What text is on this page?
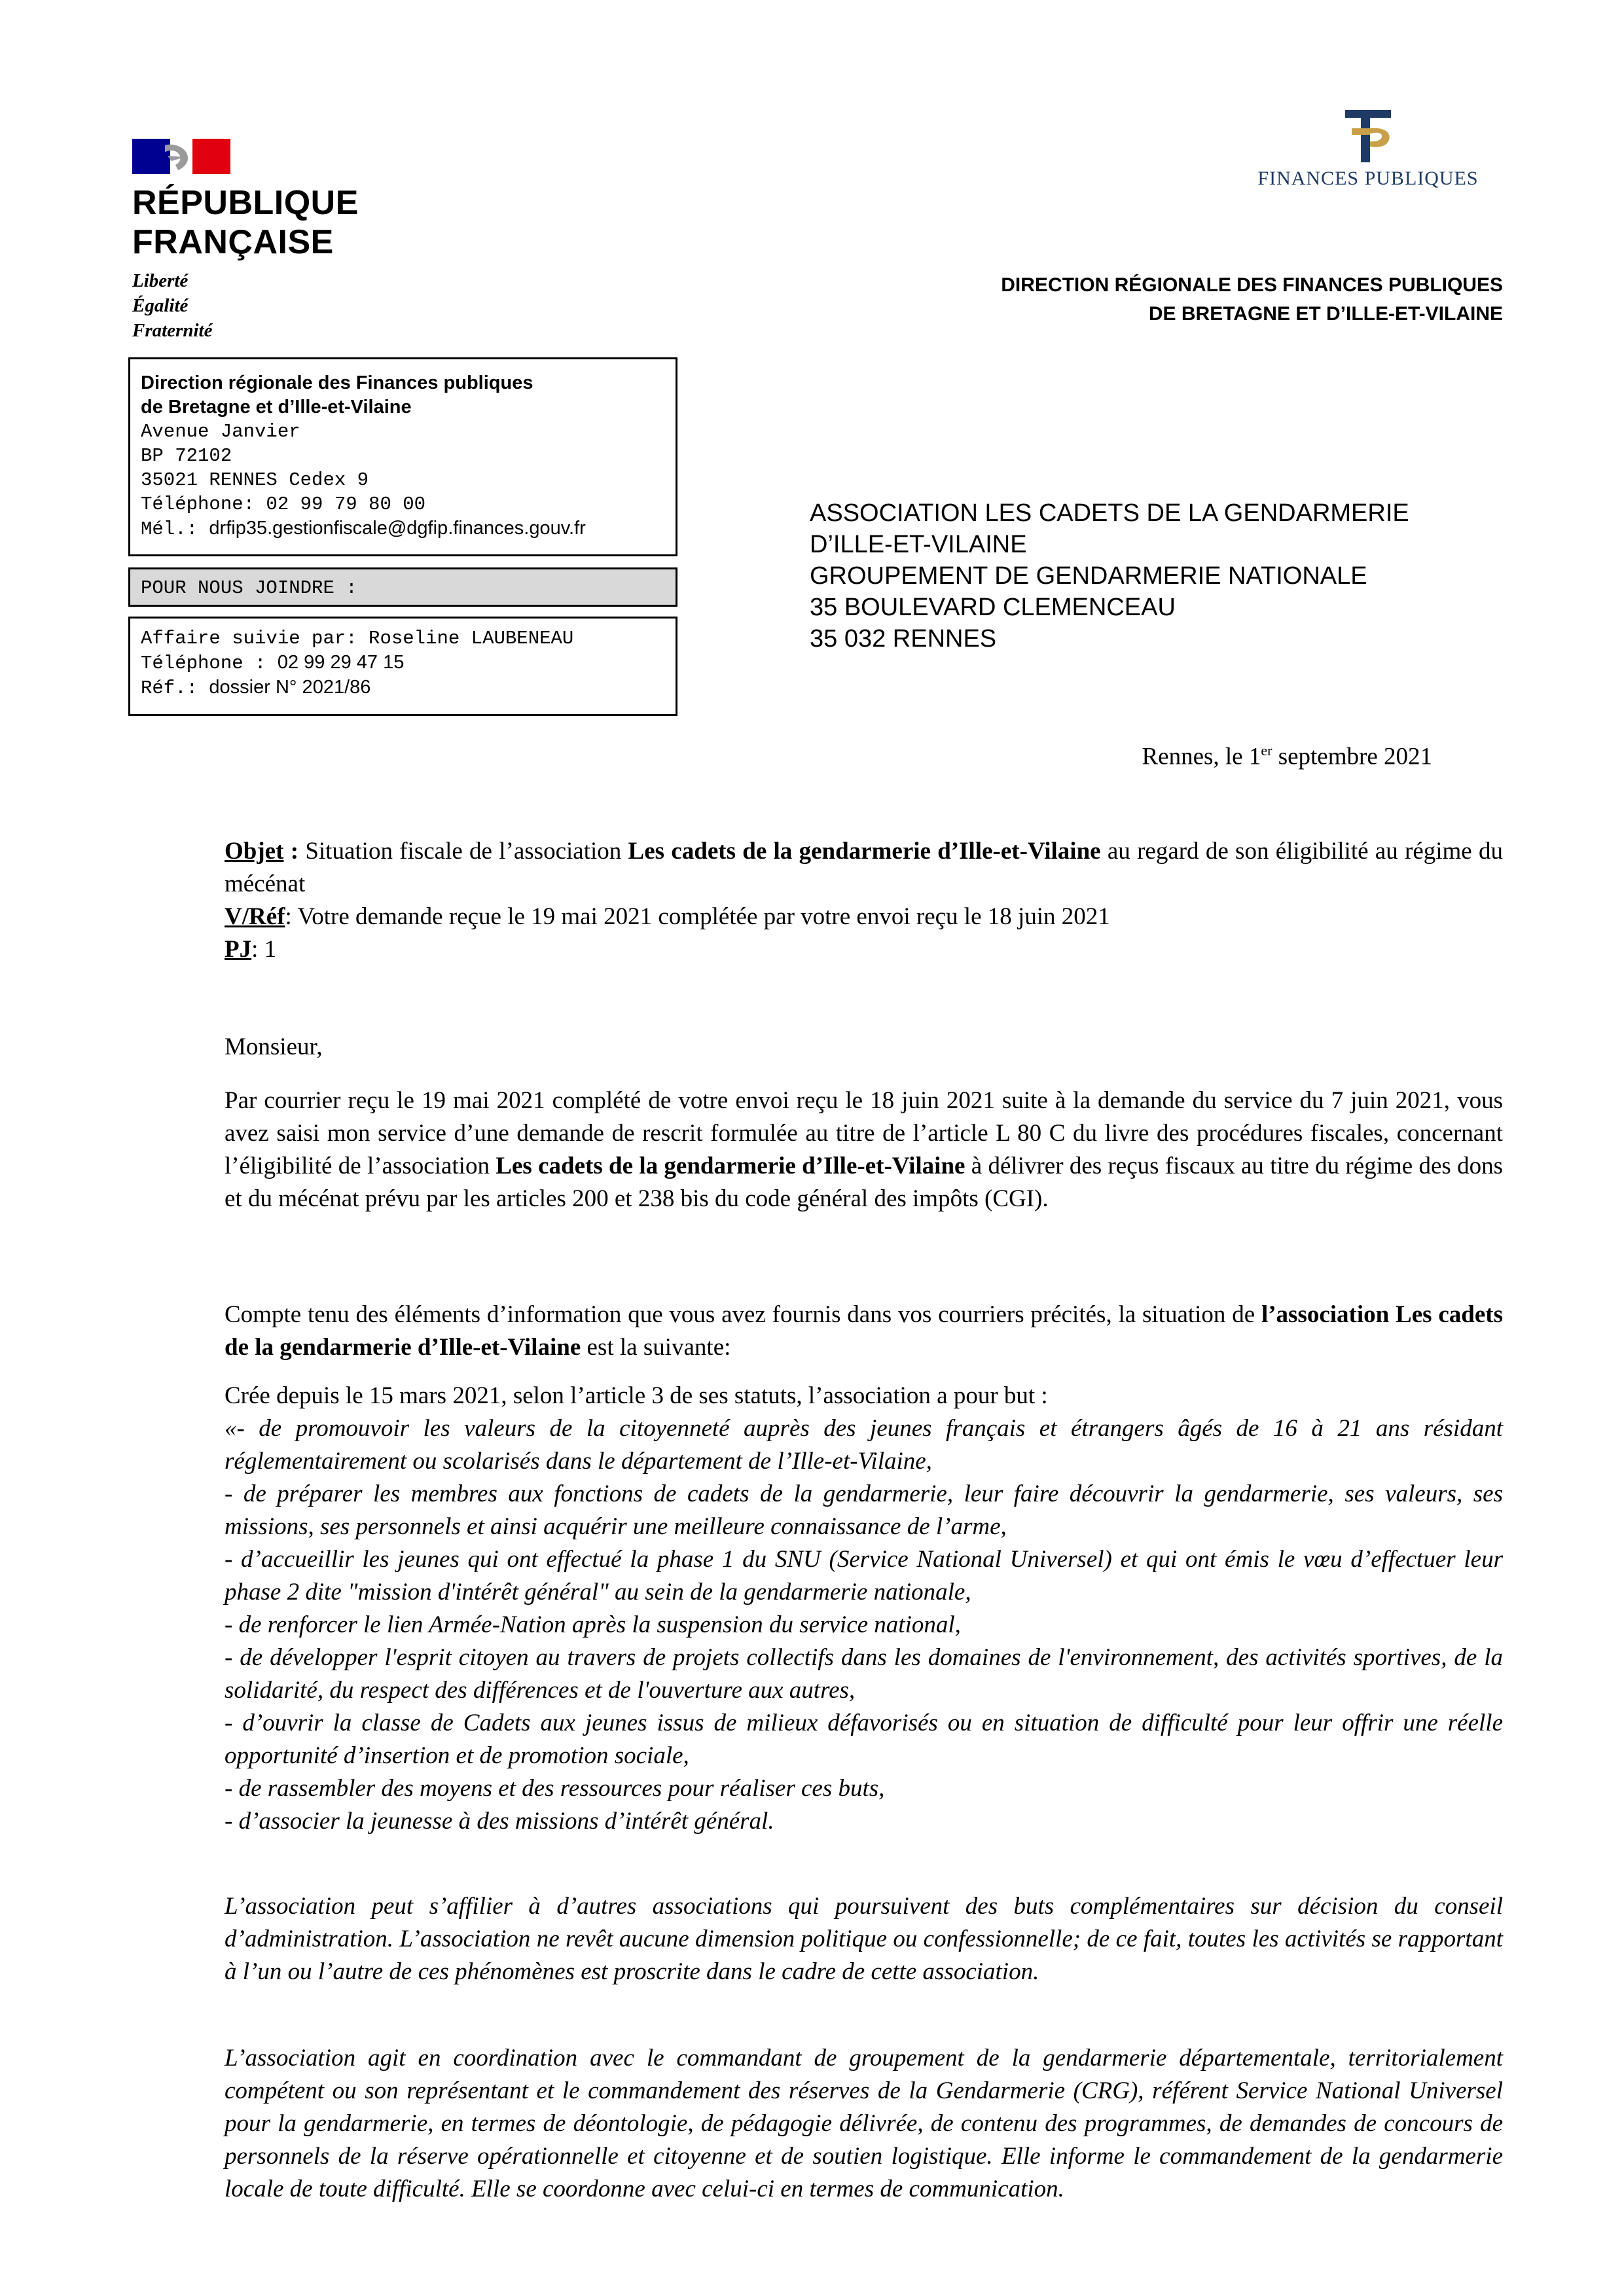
RÉPUBLIQUE
FRANÇAISE
Liberté
Égalité
Fraternité
FINANCES PUBLIQUES
DIRECTION RÉGIONALE DES FINANCES PUBLIQUES
DE BRETAGNE ET D’ILLE-ET-VILAINE
Direction régionale des Finances publiques
de Bretagne et d’Ille-et-Vilaine
Avenue Janvier
BP 72102
35021 RENNES Cedex 9
Téléphone: 02 99 79 80 00
Mél.: drfip35.gestionfiscale@dgfip.finances.gouv.fr
POUR NOUS JOINDRE :
Affaire suivie par: Roseline LAUBENEAU
Téléphone : 02 99 29 47 15
Réf.: dossier N° 2021/86
ASSOCIATION LES CADETS DE LA GENDARMERIE
D’ILLE-ET-VILAINE
GROUPEMENT DE GENDARMERIE NATIONALE
35 BOULEVARD CLEMENCEAU
35 032 RENNES
Rennes, le 1er septembre 2021

Objet : Situation fiscale de l’association Les cadets de la gendarmerie d’Ille-et-Vilaine au regard de son éligibilité au régime du mécénat

V/Réf: Votre demande reçue le 19 mai 2021 complétée par votre envoi reçu le 18 juin 2021

PJ: 1

Monsieur,
Par courrier reçu le 19 mai 2021 complété de votre envoi reçu le 18 juin 2021 suite à la demande du service du 7 juin 2021, vous avez saisi mon service d’une demande de rescrit formulée au titre de l’article L 80 C du livre des procédures fiscales, concernant l’éligibilité de l’association Les cadets de la gendarmerie d’Ille-et-Vilaine à délivrer des reçus fiscaux au titre du régime des dons et du mécénat prévu par les articles 200 et 238 bis du code général des impôts (CGI).
Compte tenu des éléments d’information que vous avez fournis dans vos courriers précités, la situation de l’association Les cadets de la gendarmerie d’Ille-et-Vilaine est la suivante:
Crée depuis le 15 mars 2021, selon l’article 3 de ses statuts, l’association a pour but :
«- de promouvoir les valeurs de la citoyenneté auprès des jeunes français et étrangers âgés de 16 à 21 ans résidant réglementairement ou scolarisés dans le département de l’Ille-et-Vilaine,
- de préparer les membres aux fonctions de cadets de la gendarmerie, leur faire découvrir la gendarmerie, ses valeurs, ses missions, ses personnels et ainsi acquérir une meilleure connaissance de l’arme,
- d’accueillir les jeunes qui ont effectué la phase 1 du SNU (Service National Universel) et qui ont émis le vœu d’effectuer leur phase 2 dite "mission d'intérêt général" au sein de la gendarmerie nationale,
- de renforcer le lien Armée-Nation après la suspension du service national,
- de développer l'esprit citoyen au travers de projets collectifs dans les domaines de l'environnement, des activités sportives, de la solidarité, du respect des différences et de l'ouverture aux autres,
- d’ouvrir la classe de Cadets aux jeunes issus de milieux défavorisés ou en situation de difficulté pour leur offrir une réelle opportunité d’insertion et de promotion sociale,
- de rassembler des moyens et des ressources pour réaliser ces buts,
- d’associer la jeunesse à des missions d’intérêt général.
L’association peut s’affilier à d’autres associations qui poursuivent des buts complémentaires sur décision du conseil d’administration. L’association ne revêt aucune dimension politique ou confessionnelle; de ce fait, toutes les activités se rapportant à l’un ou l’autre de ces phénomènes est proscrite dans le cadre de cette association.
L’association agit en coordination avec le commandant de groupement de la gendarmerie départementale, territorialement compétent ou son représentant et le commandement des réserves de la Gendarmerie (CRG), référent Service National Universel pour la gendarmerie, en termes de déontologie, de pédagogie délivrée, de contenu des programmes, de demandes de concours de personnels de la réserve opérationnelle et citoyenne et de soutien logistique. Elle informe le commandement de la gendarmerie locale de toute difficulté. Elle se coordonne avec celui-ci en termes de communication.
